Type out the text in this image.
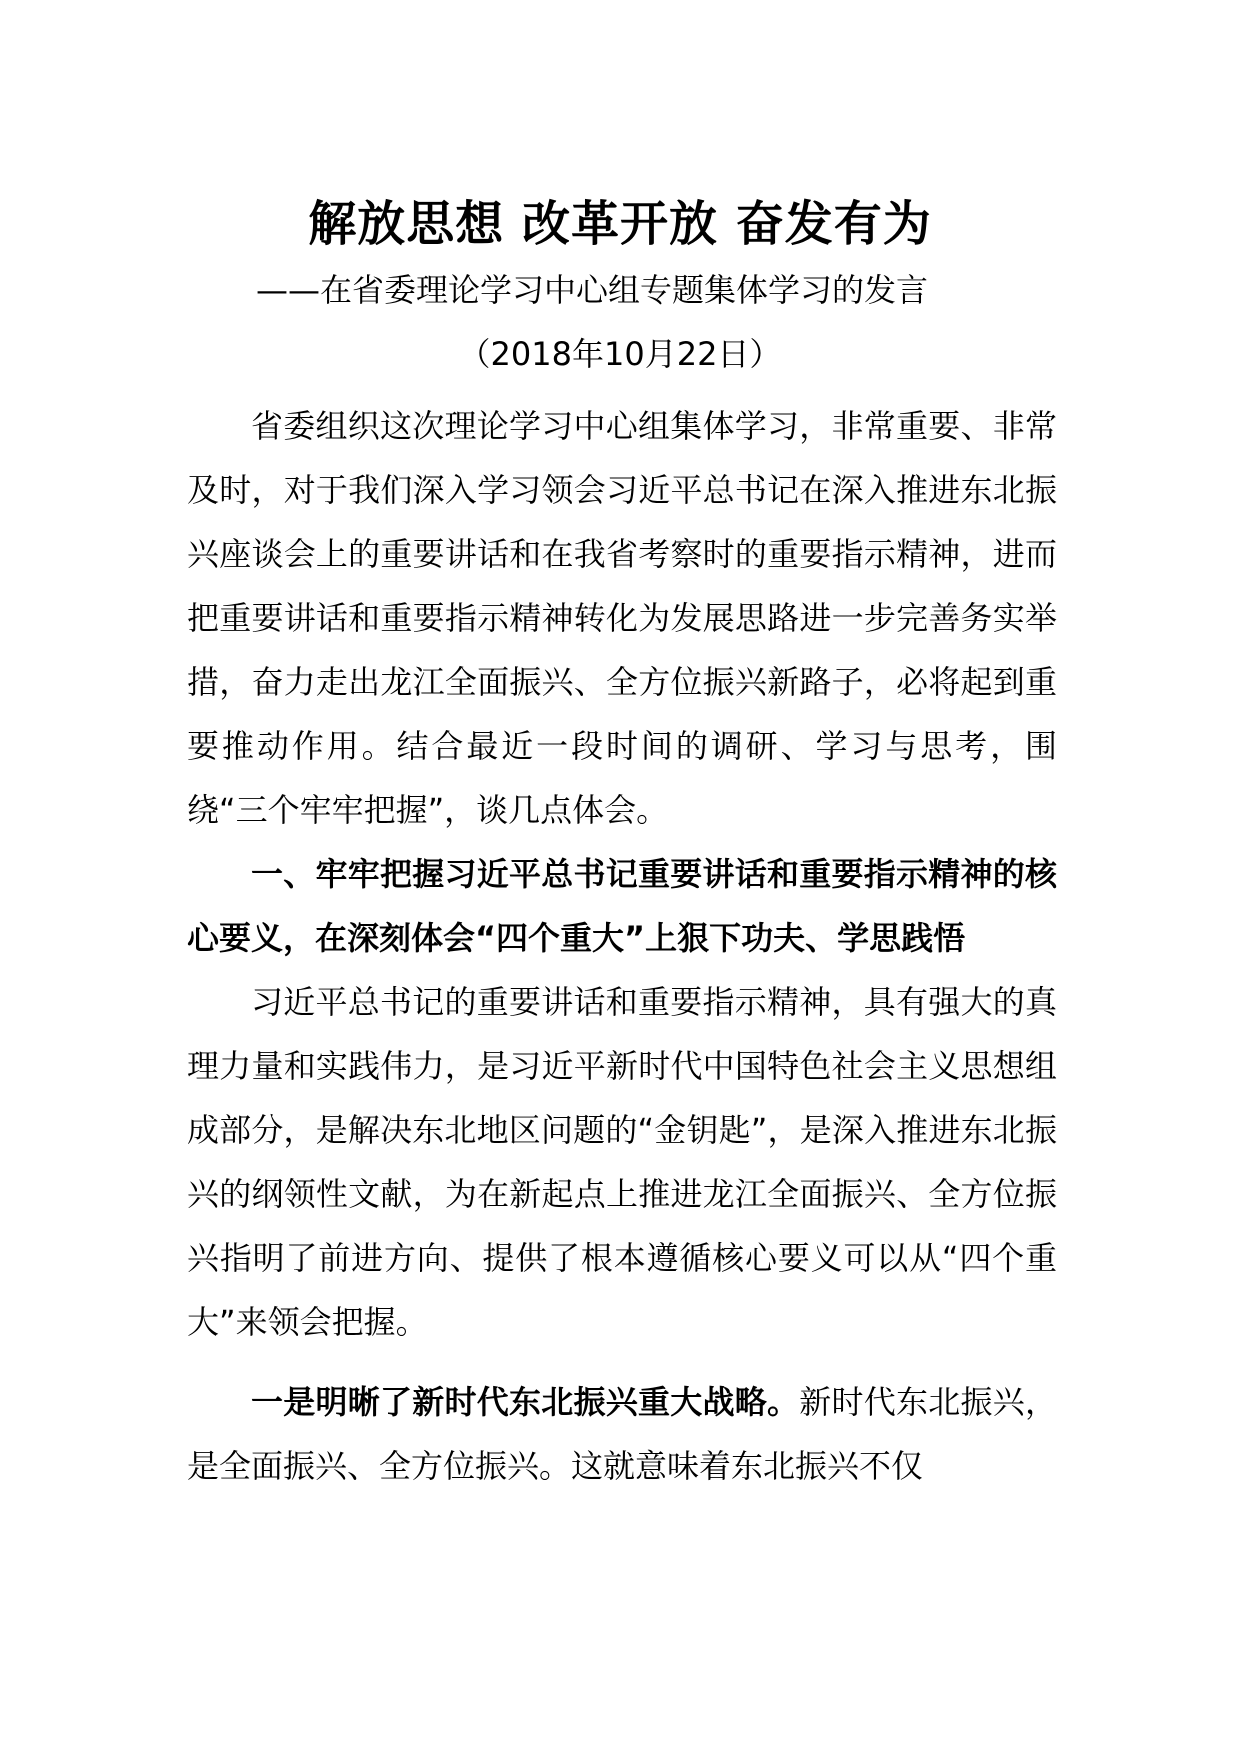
解放思想 改革开放 奋发有为
——在省委理论学习中心组专题集体学习的发言
（2018年10月22日）

省委组织这次理论学习中心组集体学习，非常重要、非常及时，对于我们深入学习领会习近平总书记在深入推进东北振兴座谈会上的重要讲话和在我省考察时的重要指示精神，进而把重要讲话和重要指示精神转化为发展思路进一步完善务实举措，奋力走出龙江全面振兴、全方位振兴新路子，必将起到重要推动作用。结合最近一段时间的调研、学习与思考，围绕“三个牢牢把握”，谈几点体会。

一、牢牢把握习近平总书记重要讲话和重要指示精神的核心要义，在深刻体会“四个重大”上狠下功夫、学思践悟

习近平总书记的重要讲话和重要指示精神，具有强大的真理力量和实践伟力，是习近平新时代中国特色社会主义思想组成部分，是解决东北地区问题的“金钥匙”，是深入推进东北振兴的纲领性文献，为在新起点上推进龙江全面振兴、全方位振兴指明了前进方向、提供了根本遵循核心要义可以从“四个重大”来领会把握。

一是明晰了新时代东北振兴重大战略。新时代东北振兴，是全面振兴、全方位振兴。这就意味着东北振兴不仅
